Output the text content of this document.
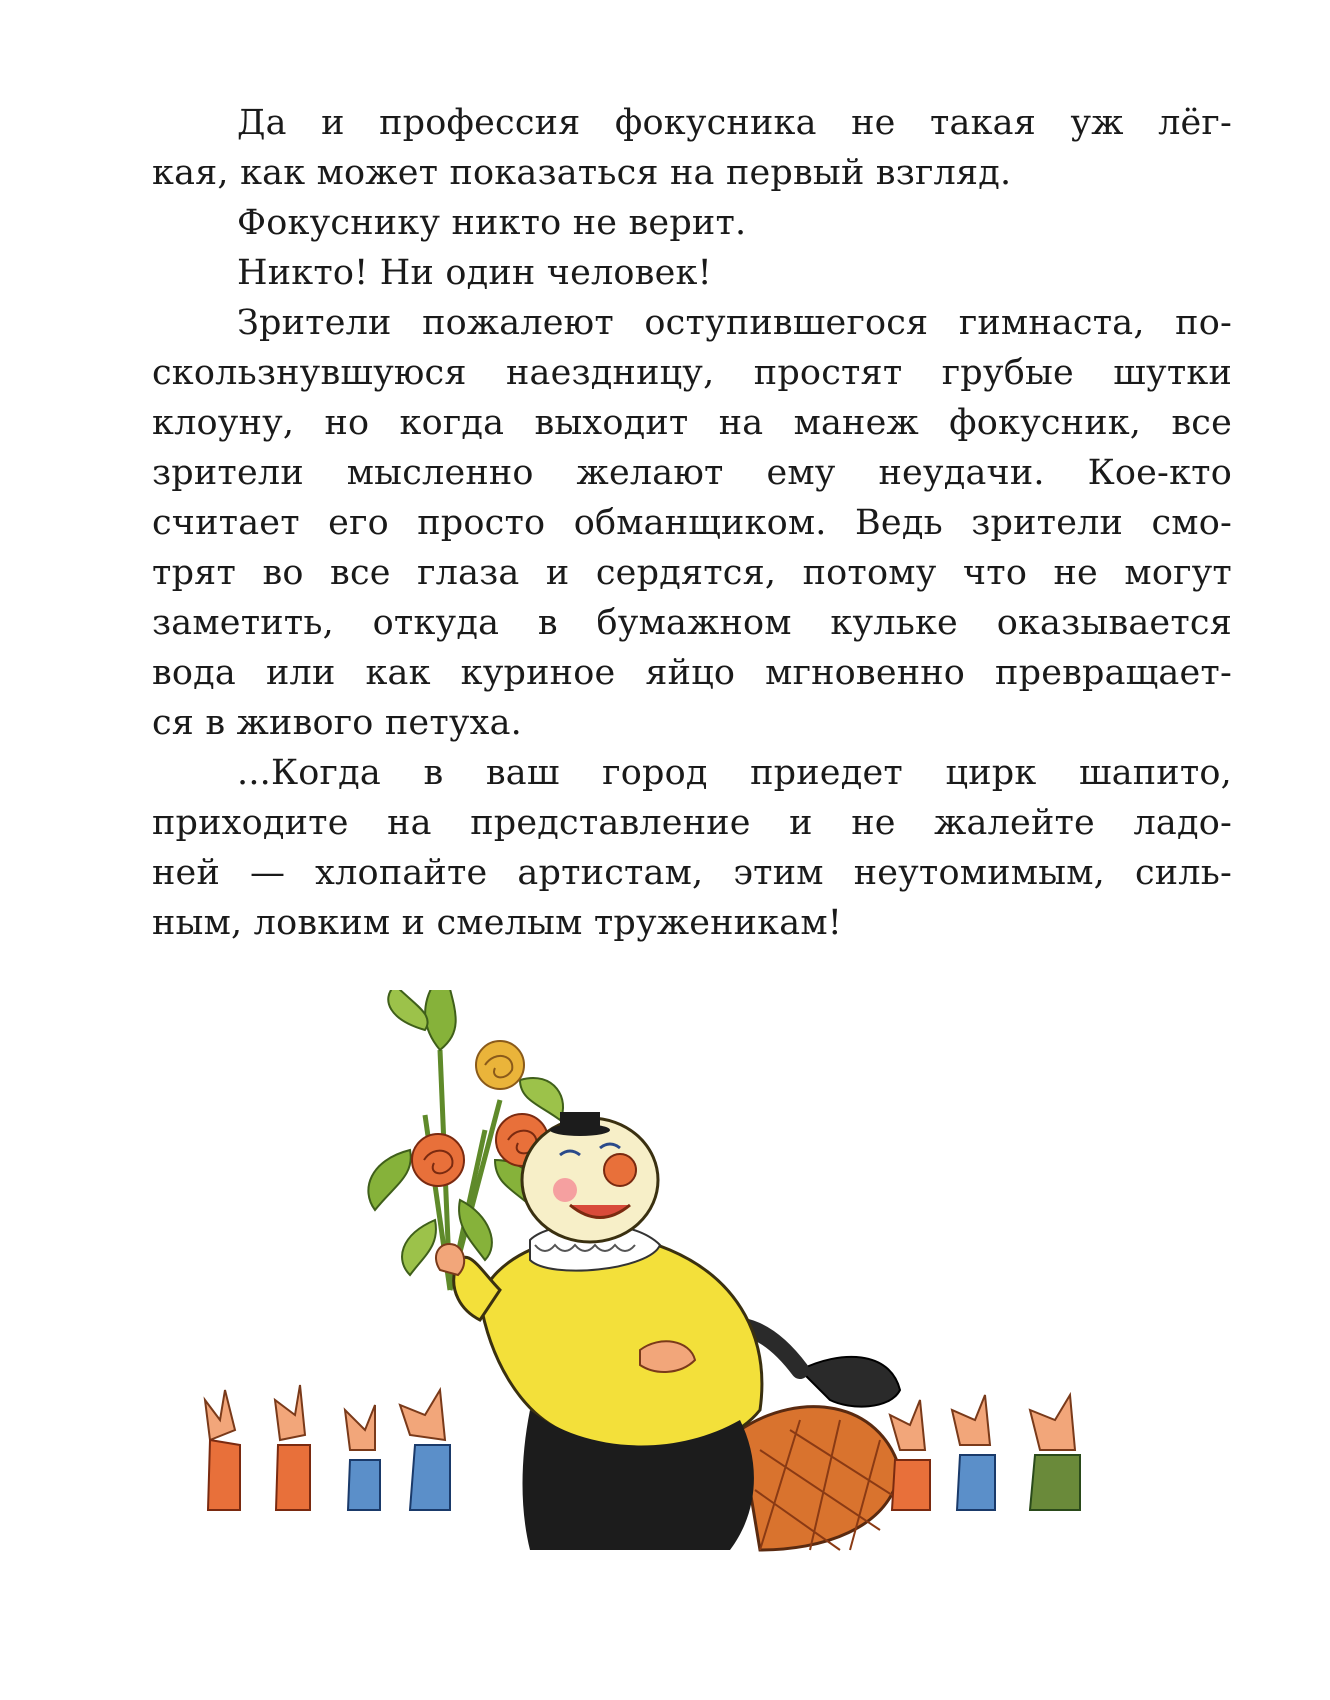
Да и профессия фокусника не такая уж лёг-
кая, как может показаться на первый взгляд.
Фокуснику никто не верит.
Никто! Ни один человек!
Зрители пожалеют оступившегося гимнаста, по-
скользнувшуюся наездницу, простят грубые шутки
клоуну, но когда выходит на манеж фокусник, все
зрители мысленно желают ему неудачи. Кое-кто
считает его просто обманщиком. Ведь зрители смо-
трят во все глаза и сердятся, потому что не могут
заметить, откуда в бумажном кульке оказывается
вода или как куриное яйцо мгновенно превращает-
ся в живого петуха.
...Когда в ваш город приедет цирк шапито,
приходите на представление и не жалейте ладо-
ней — хлопайте артистам, этим неутомимым, силь-
ным, ловким и смелым труженикам!
